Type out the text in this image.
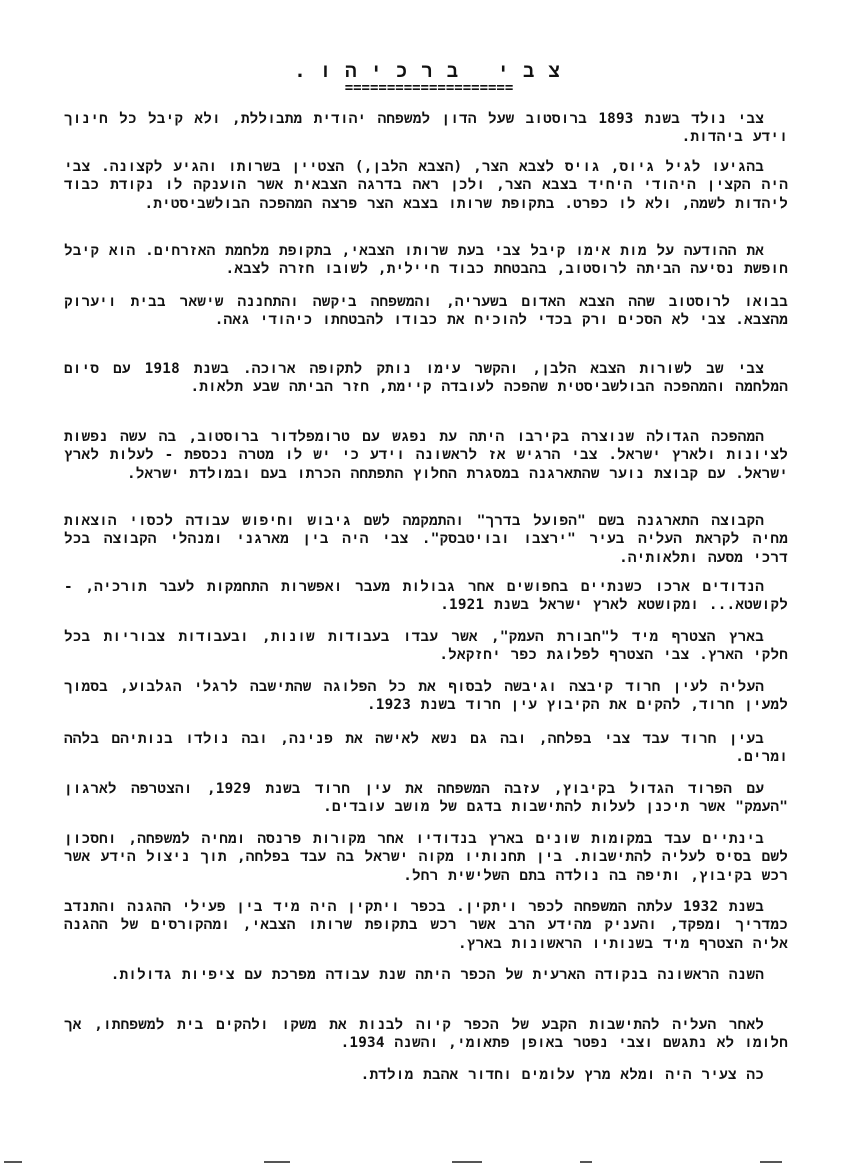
צבי ברכיהו.
====================

צבי נולד בשנת 1893 ברוסטוב שעל הדון למשפחה יהודית מתבוללת, ולא קיבל כל חינוך וידע ביהדות.

בהגיעו לגיל גיוס, גויס לצבא הצר, (הצבא הלבן,) הצטיין בשרותו והגיע לקצונה. צבי היה הקצין היהודי היחיד בצבא הצר, ולכן ראה בדרגה הצבאית אשר הוענקה לו נקודת כבוד ליהדות לשמה, ולא לו כפרט. בתקופת שרותו בצבא הצר פרצה המהפכה הבולשביסטית.

את ההודעה על מות אימו קיבל צבי בעת שרותו הצבאי, בתקופת מלחמת האזרחים. הוא קיבל חופשת נסיעה הביתה לרוסטוב, בהבטחת כבוד חיילית, לשובו חזרה לצבא.

בבואו לרוסטוב שהה הצבא האדום בשעריה, והמשפחה ביקשה והתחננה שישאר בבית ויערוק מהצבא. צבי לא הסכים ורק בכדי להוכיח את כבודו להבטחתו כיהודי גאה.

צבי שב לשורות הצבא הלבן, והקשר עימו נותק לתקופה ארוכה. בשנת 1918 עם סיום המלחמה והמהפכה הבולשביסטית שהפכה לעובדה קיימת, חזר הביתה שבע תלאות.

המהפכה הגדולה שנוצרה בקירבו היתה עת נפגש עם טרומפלדור ברוסטוב, בה עשה נפשות לציונות ולארץ ישראל. צבי הרגיש אז לראשונה וידע כי יש לו מטרה נכספת - לעלות לארץ ישראל. עם קבוצת נוער שהתארגנה במסגרת החלוץ התפתחה הכרתו בעם ובמולדת ישראל.

הקבוצה התארגנה בשם "הפועל בדרך" והתמקמה לשם גיבוש וחיפוש עבודה לכסוי הוצאות מחיה לקראת העליה בעיר "ירצבו ובויטבסק". צבי היה בין מארגני ומנהלי הקבוצה בכל דרכי מסעה ותלאותיה.

הנדודים ארכו כשנתיים בחפושים אחר גבולות מעבר ואפשרות התחמקות לעבר תורכיה, - לקושטא... ומקושטא לארץ ישראל בשנת 1921.

בארץ הצטרף מיד ל"חבורת העמק", אשר עבדו בעבודות שונות, ובעבודות צבוריות בכל חלקי הארץ. צבי הצטרף לפלוגת כפר יחזקאל.

העליה לעין חרוד קיבצה וגיבשה לבסוף את כל הפלוגה שהתישבה לרגלי הגלבוע, בסמוך למעין חרוד, להקים את הקיבוץ עין חרוד בשנת 1923.

בעין חרוד עבד צבי בפלחה, ובה גם נשא לאישה את פנינה, ובה נולדו בנותיהם בלהה ומרים.

עם הפרוד הגדול בקיבוץ, עזבה המשפחה את עין חרוד בשנת 1929, והצטרפה לארגון "העמק" אשר תיכנן לעלות להתישבות בדגם של מושב עובדים.

בינתיים עבד במקומות שונים בארץ בנדודיו אחר מקורות פרנסה ומחיה למשפחה, וחסכון לשם בסיס לעליה להתישבות. בין תחנותיו מקוה ישראל בה עבד בפלחה, תוך ניצול הידע אשר רכש בקיבוץ, ותיפה בה נולדה בתם השלישית רחל.

בשנת 1932 עלתה המשפחה לכפר ויתקין. בכפר ויתקין היה מיד בין פעילי ההגנה והתנדב כמדריך ומפקד, והעניק מהידע הרב אשר רכש בתקופת שרותו הצבאי, ומהקורסים של ההגנה אליה הצטרף מיד בשנותיו הראשונות בארץ.

השנה הראשונה בנקודה הארעית של הכפר היתה שנת עבודה מפרכת עם ציפיות גדולות.

לאחר העליה להתישבות הקבע של הכפר קיוה לבנות את משקו ולהקים בית למשפחתו, אך חלומו לא נתגשם וצבי נפטר באופן פתאומי, והשנה 1934.

כה צעיר היה ומלא מרץ עלומים וחדור אהבת מולדת.
